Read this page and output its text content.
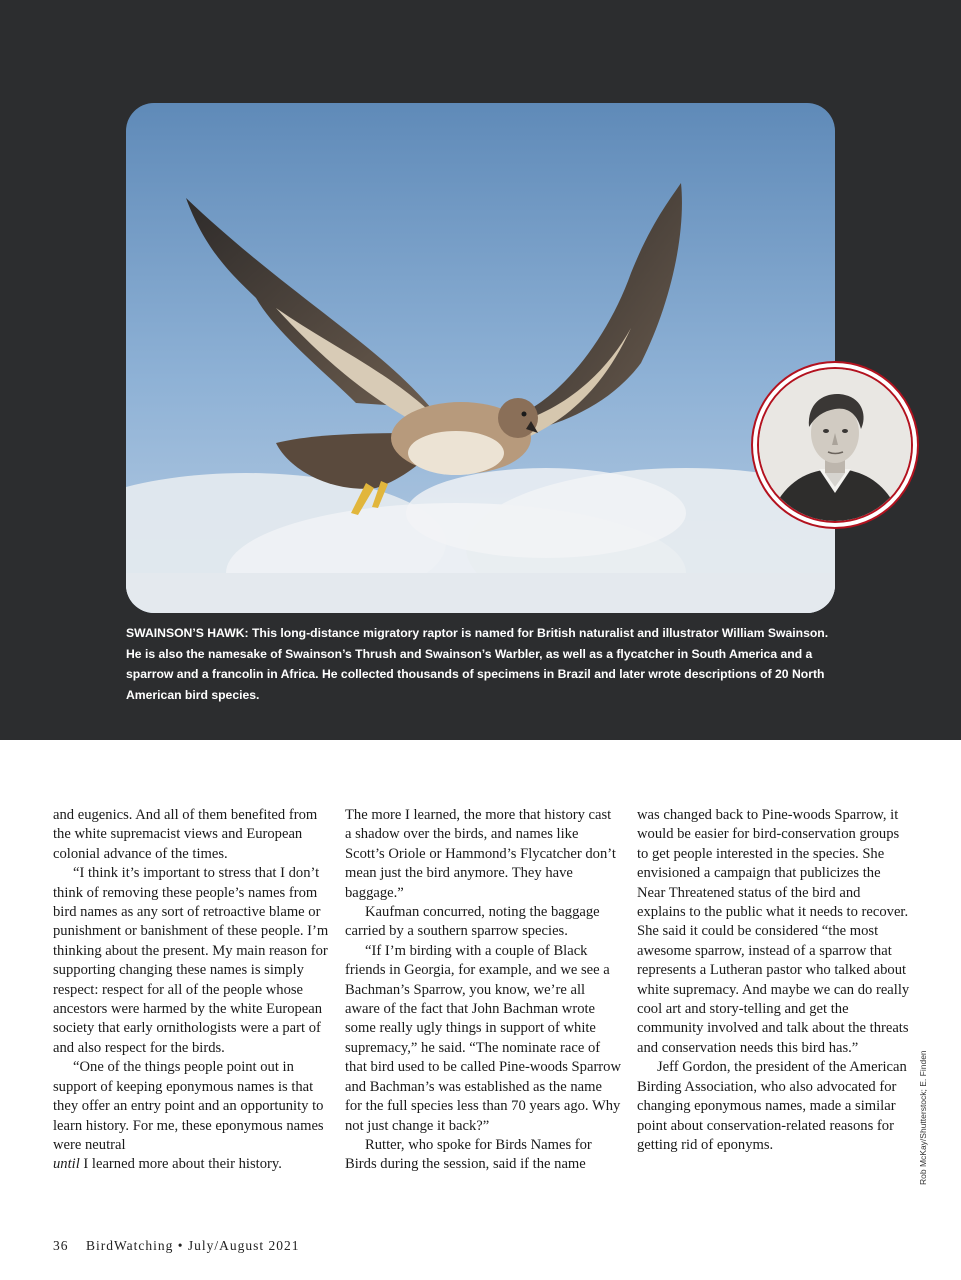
SWAINSON’S HAWK: This long-distance migratory raptor is named for British naturalist and illustrator William Swainson. He is also the namesake of Swainson’s Thrush and Swainson’s Warbler, as well as a flycatcher in South America and a sparrow and a francolin in Africa. He collected thousands of specimens in Brazil and later wrote descriptions of 20 North American bird species.

and eugenics. And all of them benefited from the white supremacist views and European colonial advance of the times.

“I think it’s important to stress that I don’t think of removing these people’s names from bird names as any sort of retroactive blame or punishment or banishment of these people. I’m thinking about the present. My main reason for supporting changing these names is simply respect: respect for all of the people whose ancestors were harmed by the white European society that early ornithologists were a part of and also respect for the birds.

“One of the things people point out in support of keeping eponymous names is that they offer an entry point and an opportunity to learn history. For me, these eponymous names were neutral
until I learned more about their history.

The more I learned, the more that history cast a shadow over the birds, and names like Scott’s Oriole or Hammond’s Flycatcher don’t mean just the bird anymore. They have baggage.”

Kaufman concurred, noting the baggage carried by a southern sparrow species.

“If I’m birding with a couple of Black friends in Georgia, for example, and we see a Bachman’s Sparrow, you know, we’re all aware of the fact that John Bachman wrote some really ugly things in support of white supremacy,” he said. “The nominate race of that bird used to be called Pine-woods Sparrow and Bachman’s was established as the name for the full species less than 70 years ago. Why not just change it back?”

Rutter, who spoke for Birds Names for Birds during the session, said if the name

was changed back to Pine-woods Sparrow, it would be easier for bird-conservation groups to get people interested in the species. She envisioned a campaign that publicizes the Near Threatened status of the bird and explains to the public what it needs to recover. She said it could be considered “the most awesome sparrow, instead of a sparrow that represents a Lutheran pastor who talked about white supremacy. And maybe we can do really cool art and story-telling and get the community involved and talk about the threats and conservation needs this bird has.”

Jeff Gordon, the president of the American Birding Association, who also advocated for changing eponymous names, made a similar point about conservation-related reasons for getting rid of eponyms.	Rob McKay/Shutterstock; E. Finden
36 BirdWatching • July/August 2021
